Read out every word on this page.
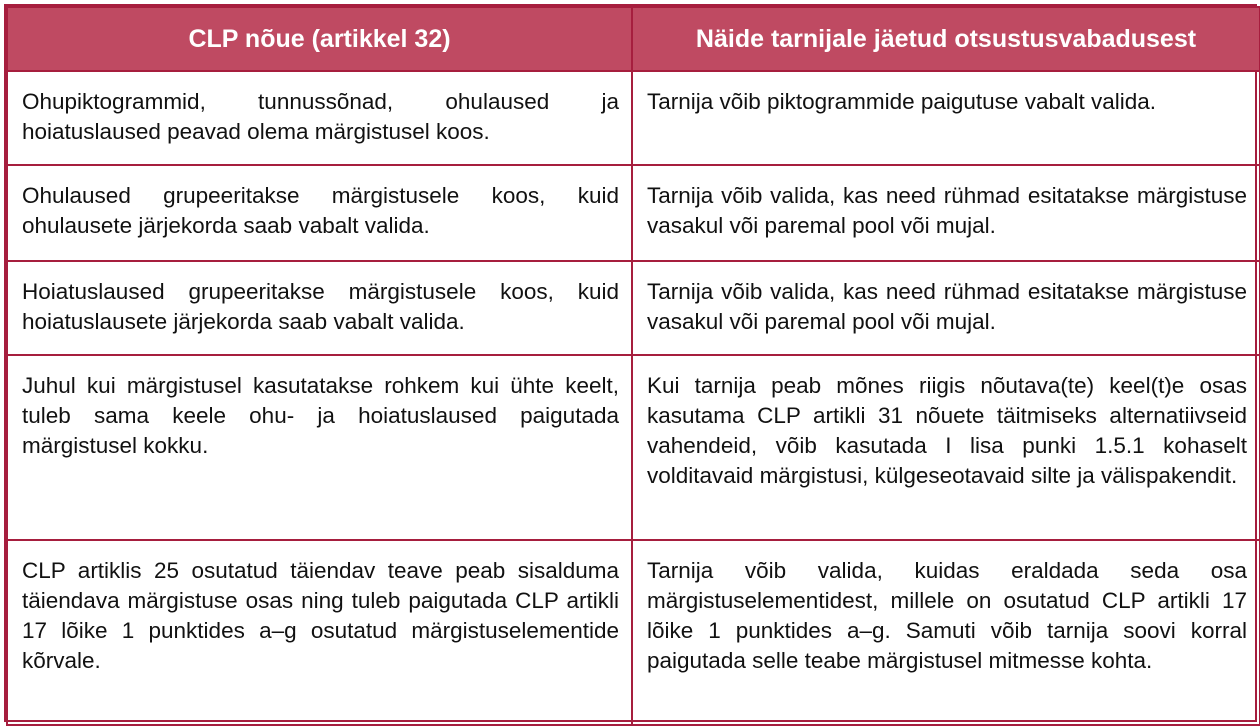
CLP nõue (artikkel 32)	Näide tarnijale jäetud otsustusvabadusest
Ohupiktogrammid, tunnussõnad, ohulaused ja hoiatuslaused peavad olema märgistusel koos.	Tarnija võib piktogrammide paigutuse vabalt valida.
Ohulaused grupeeritakse märgistusele koos, kuid ohulausete järjekorda saab vabalt valida.	Tarnija võib valida, kas need rühmad esitatakse märgistuse vasakul või paremal pool või mujal.
Hoiatuslaused grupeeritakse märgistusele koos, kuid hoiatuslausete järjekorda saab vabalt valida.	Tarnija võib valida, kas need rühmad esitatakse märgistuse vasakul või paremal pool või mujal.
Juhul kui märgistusel kasutatakse rohkem kui ühte keelt, tuleb sama keele ohu- ja hoiatuslaused paigutada märgistusel kokku.	Kui tarnija peab mõnes riigis nõutava(te) keel(t)e osas kasutama CLP artikli 31 nõuete täitmiseks alternatiivseid vahendeid, võib kasutada I lisa punki 1.5.1 kohaselt volditavaid märgistusi, külgeseotavaid silte ja välispakendit.
CLP artiklis 25 osutatud täiendav teave peab sisalduma täiendava märgistuse osas ning tuleb paigutada CLP artikli 17 lõike 1 punktides a–g osutatud märgistuselementide kõrvale.	Tarnija võib valida, kuidas eraldada seda osa märgistuselementidest, millele on osutatud CLP artikli 17 lõike 1 punktides a–g. Samuti võib tarnija soovi korral paigutada selle teabe märgistusel mitmesse kohta.
